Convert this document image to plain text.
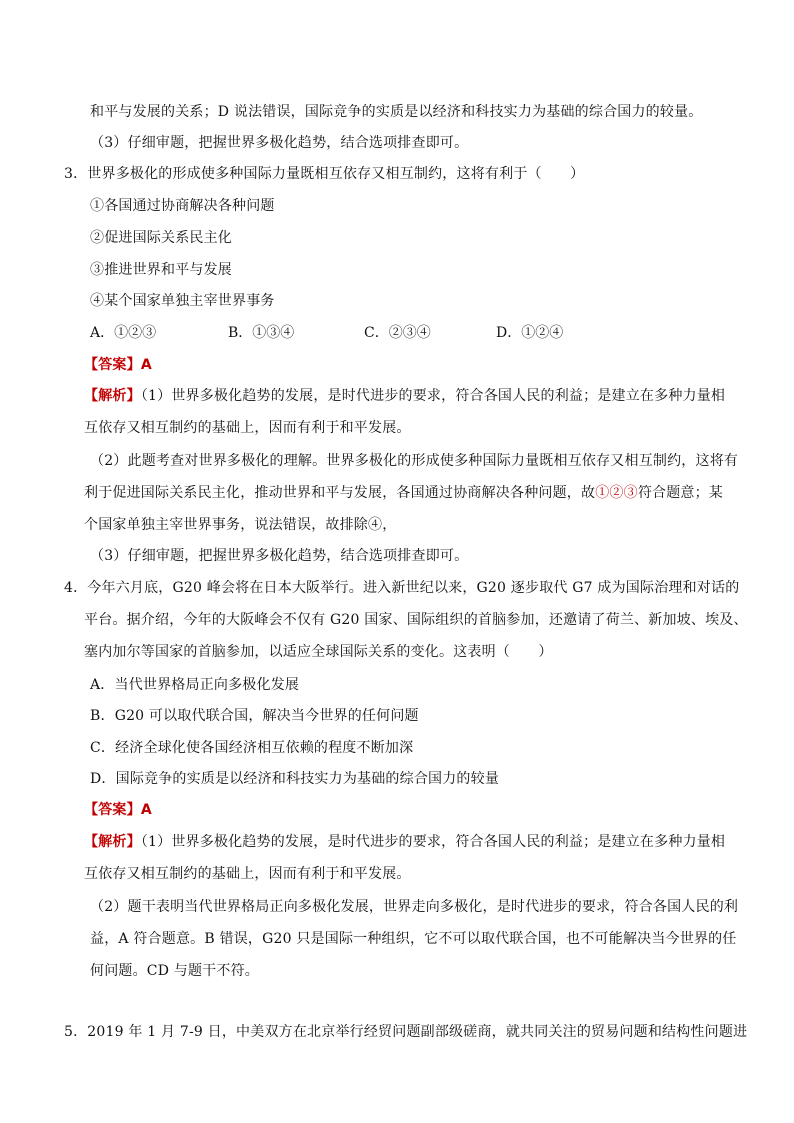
和平与发展的关系；D 说法错误，国际竞争的实质是以经济和科技实力为基础的综合国力的较量。
（3）仔细审题，把握世界多极化趋势，结合选项排查即可。
3．世界多极化的形成使多种国际力量既相互依存又相互制约，这将有利于（　　）
①各国通过协商解决各种问题
②促进国际关系民主化
③推进世界和平与发展
④某个国家单独主宰世界事务
A．①②③	B．①③④	C．②③④	D．①②④
【答案】A
【解析】（1）世界多极化趋势的发展，是时代进步的要求，符合各国人民的利益；是建立在多种力量相
互依存又相互制约的基础上，因而有利于和平发展。
（2）此题考查对世界多极化的理解。世界多极化的形成使多种国际力量既相互依存又相互制约，这将有
利于促进国际关系民主化，推动世界和平与发展，各国通过协商解决各种问题，故①②③符合题意；某
个国家单独主宰世界事务，说法错误，故排除④，
（3）仔细审题，把握世界多极化趋势，结合选项排查即可。
4．今年六月底，G20 峰会将在日本大阪举行。进入新世纪以来，G20 逐步取代 G7 成为国际治理和对话的
平台。据介绍，今年的大阪峰会不仅有 G20 国家、国际组织的首脑参加，还邀请了荷兰、新加坡、埃及、
塞内加尔等国家的首脑参加，以适应全球国际关系的变化。这表明（　　）
A．当代世界格局正向多极化发展
B．G20 可以取代联合国，解决当今世界的任何问题
C．经济全球化使各国经济相互依赖的程度不断加深
D．国际竞争的实质是以经济和科技实力为基础的综合国力的较量
【答案】A
【解析】（1）世界多极化趋势的发展，是时代进步的要求，符合各国人民的利益；是建立在多种力量相
互依存又相互制约的基础上，因而有利于和平发展。
（2）题干表明当代世界格局正向多极化发展，世界走向多极化，是时代进步的要求，符合各国人民的利
益，A 符合题意。B 错误，G20 只是国际一种组织，它不可以取代联合国，也不可能解决当今世界的任
何问题。CD 与题干不符。
5．2019 年 1 月 7-9 日，中美双方在北京举行经贸问题副部级磋商，就共同关注的贸易问题和结构性问题进
